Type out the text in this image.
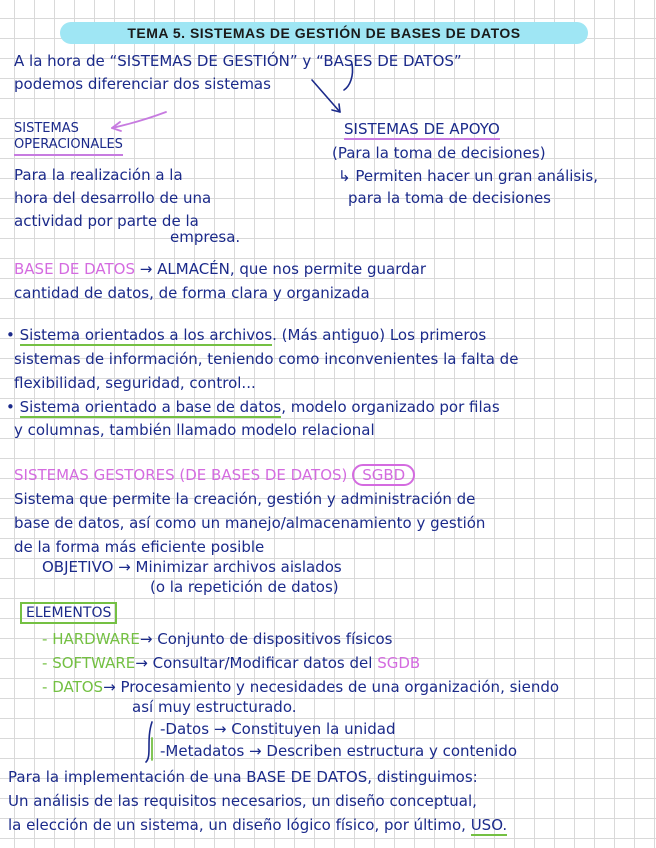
TEMA 5. SISTEMAS DE GESTIÓN DE BASES DE DATOS
A la hora de “SISTEMAS DE GESTIÓN” y “BASES DE DATOS”
podemos diferenciar dos sistemas
SISTEMAS
OPERACIONALES
Para la realización a la
hora del desarrollo de una
actividad por parte de la
empresa.
SISTEMAS DE APOYO
(Para la toma de decisiones)
↳ Permiten hacer un gran análisis,
para la toma de decisiones
BASE DE DATOS → ALMACÉN, que nos permite guardar
cantidad de datos, de forma clara y organizada
• Sistema orientados a los archivos. (Más antiguo) Los primeros
sistemas de información, teniendo como inconvenientes la falta de
flexibilidad, seguridad, control...
• Sistema orientado a base de datos, modelo organizado por filas
y columnas, también llamado modelo relacional
SISTEMAS GESTORES (DE BASES DE DATOS) SGBD
Sistema que permite la creación, gestión y administración de
base de datos, así como un manejo/almacenamiento y gestión
de la forma más eficiente posible
OBJETIVO → Minimizar archivos aislados
(o la repetición de datos)
ELEMENTOS
- HARDWARE→ Conjunto de dispositivos físicos
- SOFTWARE→ Consultar/Modificar datos del SGDB
- DATOS→ Procesamiento y necesidades de una organización, siendo
así muy estructurado.
-Datos → Constituyen la unidad
-Metadatos → Describen estructura y contenido
Para la implementación de una BASE DE DATOS, distinguimos:
Un análisis de las requisitos necesarios, un diseño conceptual,
la elección de un sistema, un diseño lógico físico, por último, USO.
